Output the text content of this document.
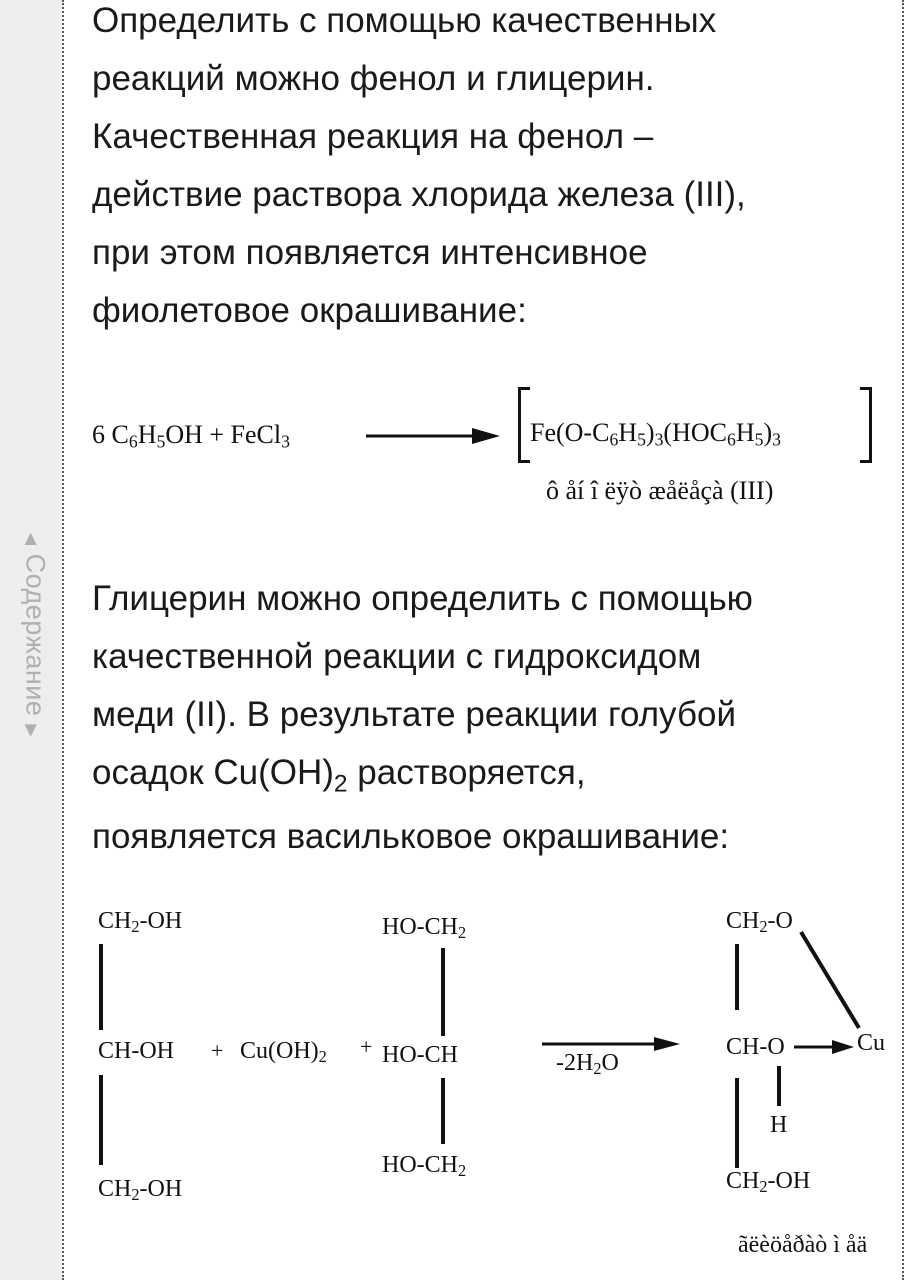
◀ Содержание ▶
Определить с помощью качественных
реакций можно фенол и глицерин.
Качественная реакция на фенол –
действие раствора хлорида железа (III),
при этом появляется интенсивное
фиолетовое окрашивание:
6 $C_6H_5OH$ + FeCl$_3$	$Fe(O-C_6H_5)_3(HOC_6H_5)_3$
ô åí î ëÿò æåëåçà (III)
Глицерин можно определить с помощью
качественной реакции с гидроксидом
меди (II). В результате реакции голубой
осадок $Cu(OH)_2$ растворяется,
появляется васильковое окрашивание:
$CH_2-OH$
CH-OH
$CH_2-OH$
+ $Cu(OH)_2$ +
$HO-CH_2$
HO-CH
$HO-CH_2$
$-2H_2O$
$CH_2-O$
CH-O	Cu
H
$CH_2-OH$
ãëèöåðàò ì åä
